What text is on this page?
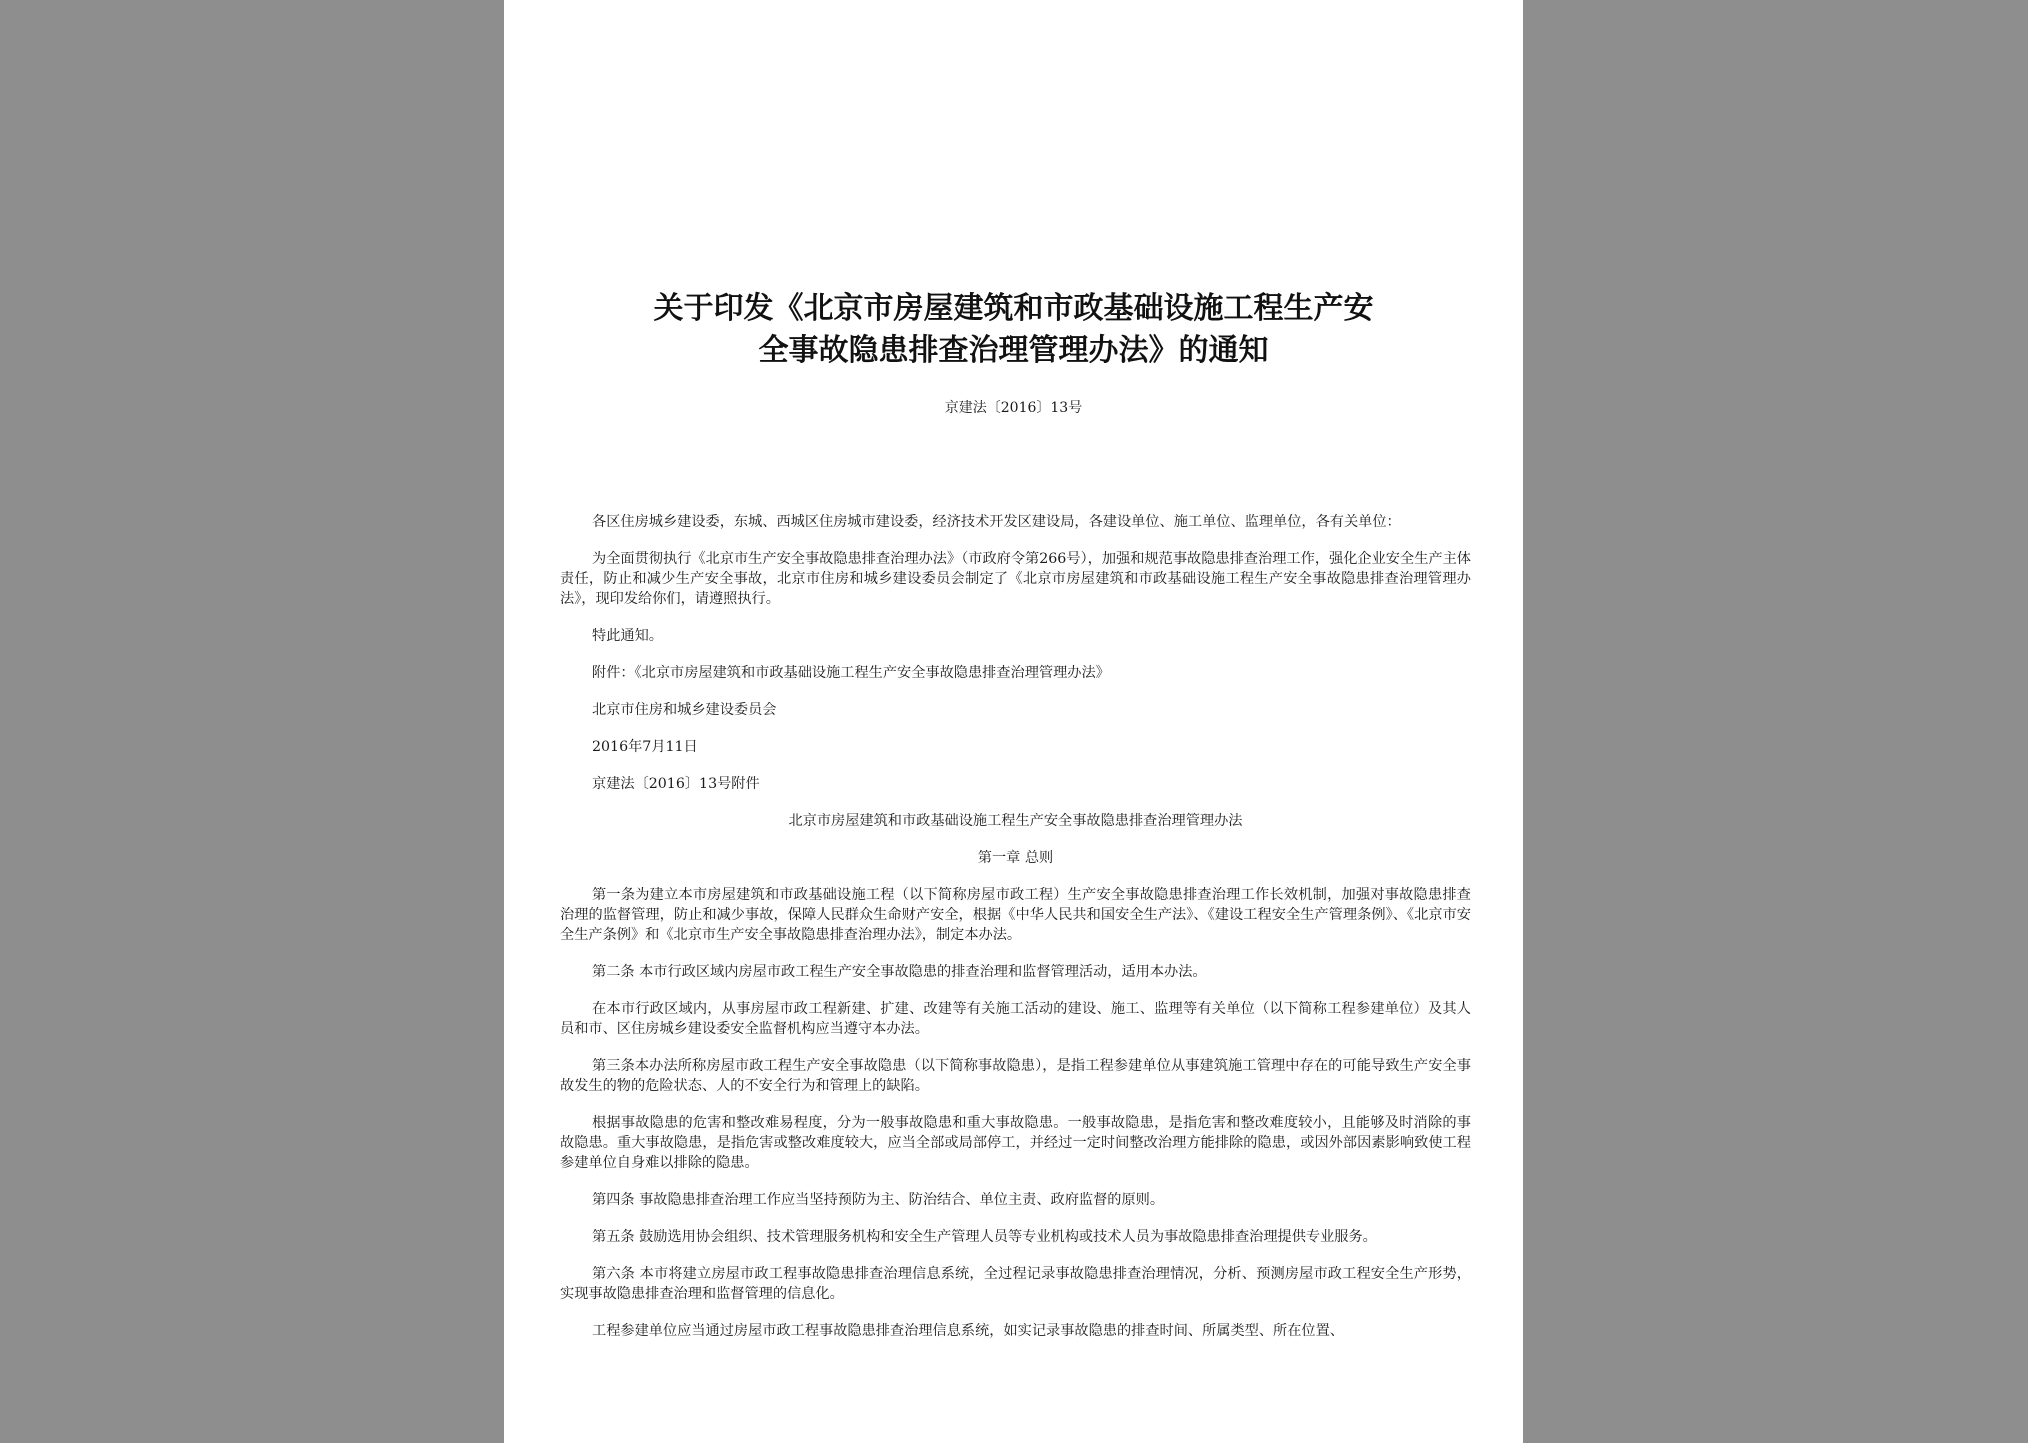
关于印发《北京市房屋建筑和市政基础设施工程生产安
全事故隐患排查治理管理办法》的通知
京建法〔2016〕13号

各区住房城乡建设委，东城、西城区住房城市建设委，经济技术开发区建设局，各建设单位、施工单位、监理单位，各有关单位：

为全面贯彻执行《北京市生产安全事故隐患排查治理办法》（市政府令第266号），加强和规范事故隐患排查治理工作，强化企业安全生产主体责任，防止和减少生产安全事故，北京市住房和城乡建设委员会制定了《北京市房屋建筑和市政基础设施工程生产安全事故隐患排查治理管理办法》，现印发给你们，请遵照执行。

特此通知。

附件：《北京市房屋建筑和市政基础设施工程生产安全事故隐患排查治理管理办法》

北京市住房和城乡建设委员会

2016年7月11日

京建法〔2016〕13号附件

北京市房屋建筑和市政基础设施工程生产安全事故隐患排查治理管理办法

第一章 总则

第一条为建立本市房屋建筑和市政基础设施工程（以下简称房屋市政工程）生产安全事故隐患排查治理工作长效机制，加强对事故隐患排查治理的监督管理，防止和减少事故，保障人民群众生命财产安全，根据《中华人民共和国安全生产法》、《建设工程安全生产管理条例》、《北京市安全生产条例》和《北京市生产安全事故隐患排查治理办法》，制定本办法。

第二条 本市行政区域内房屋市政工程生产安全事故隐患的排查治理和监督管理活动，适用本办法。

在本市行政区域内，从事房屋市政工程新建、扩建、改建等有关施工活动的建设、施工、监理等有关单位（以下简称工程参建单位）及其人员和市、区住房城乡建设委安全监督机构应当遵守本办法。

第三条本办法所称房屋市政工程生产安全事故隐患（以下简称事故隐患），是指工程参建单位从事建筑施工管理中存在的可能导致生产安全事故发生的物的危险状态、人的不安全行为和管理上的缺陷。

根据事故隐患的危害和整改难易程度，分为一般事故隐患和重大事故隐患。一般事故隐患，是指危害和整改难度较小，且能够及时消除的事故隐患。重大事故隐患，是指危害或整改难度较大，应当全部或局部停工，并经过一定时间整改治理方能排除的隐患，或因外部因素影响致使工程参建单位自身难以排除的隐患。

第四条 事故隐患排查治理工作应当坚持预防为主、防治结合、单位主责、政府监督的原则。

第五条 鼓励选用协会组织、技术管理服务机构和安全生产管理人员等专业机构或技术人员为事故隐患排查治理提供专业服务。

第六条 本市将建立房屋市政工程事故隐患排查治理信息系统，全过程记录事故隐患排查治理情况，分析、预测房屋市政工程安全生产形势，实现事故隐患排查治理和监督管理的信息化。

工程参建单位应当通过房屋市政工程事故隐患排查治理信息系统，如实记录事故隐患的排查时间、所属类型、所在位置、
